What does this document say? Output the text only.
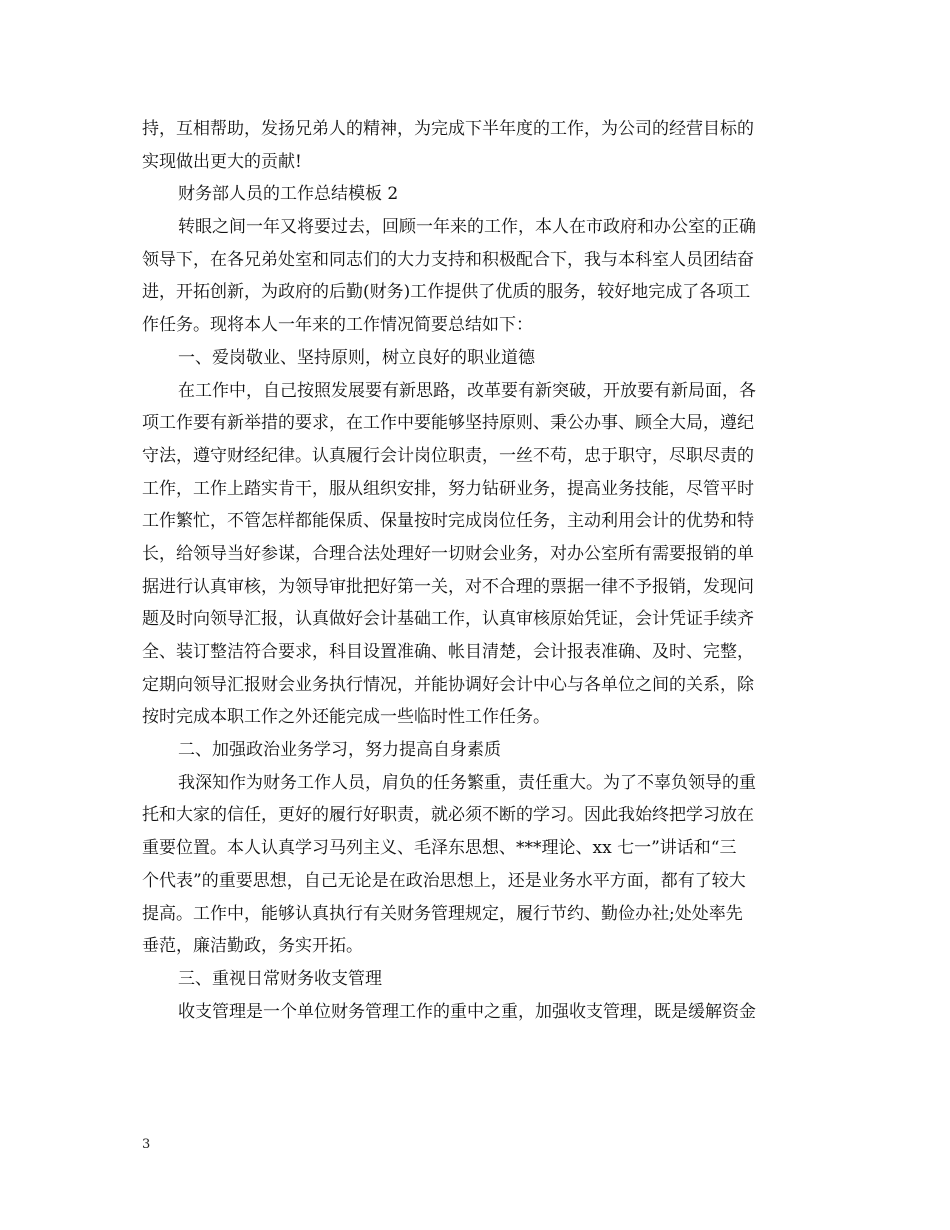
持，互相帮助，发扬兄弟人的精神，为完成下半年度的工作，为公司的经营目标的
实现做出更大的贡献!
财务部人员的工作总结模板 2
转眼之间一年又将要过去，回顾一年来的工作，本人在市政府和办公室的正确
领导下，在各兄弟处室和同志们的大力支持和积极配合下，我与本科室人员团结奋
进，开拓创新，为政府的后勤(财务)工作提供了优质的服务，较好地完成了各项工
作任务。现将本人一年来的工作情况简要总结如下：
一、爱岗敬业、坚持原则，树立良好的职业道德
在工作中，自己按照发展要有新思路，改革要有新突破，开放要有新局面，各
项工作要有新举措的要求，在工作中要能够坚持原则、秉公办事、顾全大局，遵纪
守法，遵守财经纪律。认真履行会计岗位职责，一丝不苟，忠于职守，尽职尽责的
工作，工作上踏实肯干，服从组织安排，努力钻研业务，提高业务技能，尽管平时
工作繁忙，不管怎样都能保质、保量按时完成岗位任务，主动利用会计的优势和特
长，给领导当好参谋，合理合法处理好一切财会业务，对办公室所有需要报销的单
据进行认真审核，为领导审批把好第一关，对不合理的票据一律不予报销，发现问
题及时向领导汇报，认真做好会计基础工作，认真审核原始凭证，会计凭证手续齐
全、装订整洁符合要求，科目设置准确、帐目清楚，会计报表准确、及时、完整，
定期向领导汇报财会业务执行情况，并能协调好会计中心与各单位之间的关系，除
按时完成本职工作之外还能完成一些临时性工作任务。
二、加强政治业务学习，努力提高自身素质
我深知作为财务工作人员，肩负的任务繁重，责任重大。为了不辜负领导的重
托和大家的信任，更好的履行好职责，就必须不断的学习。因此我始终把学习放在
重要位置。本人认真学习马列主义、毛泽东思想、***理论、xx 七一”讲话和“三
个代表”的重要思想，自己无论是在政治思想上，还是业务水平方面，都有了较大
提高。工作中，能够认真执行有关财务管理规定，履行节约、勤俭办社;处处率先
垂范，廉洁勤政，务实开拓。
三、重视日常财务收支管理
收支管理是一个单位财务管理工作的重中之重，加强收支管理，既是缓解资金
3
